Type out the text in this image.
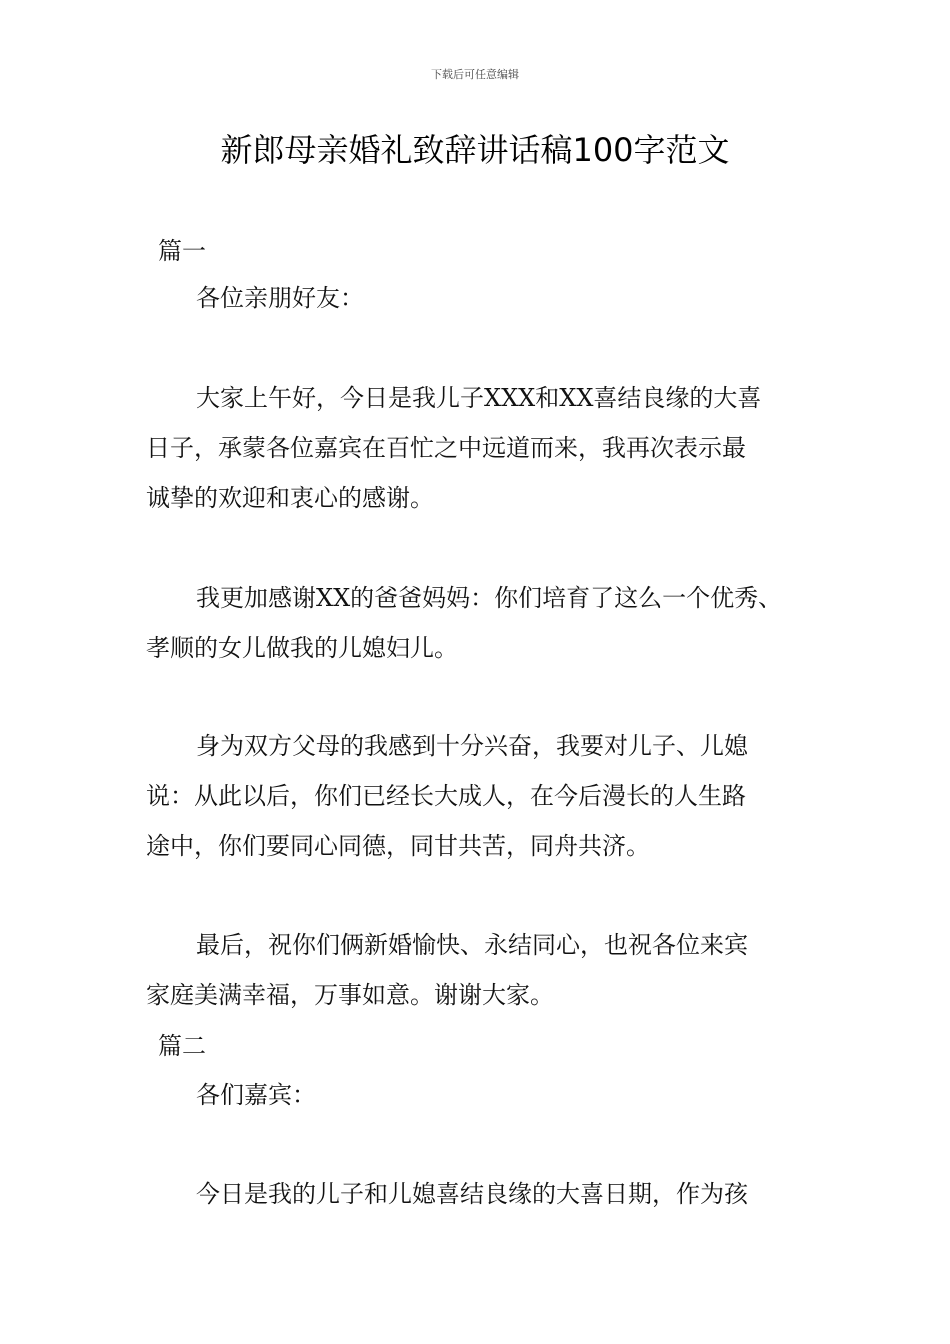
下载后可任意编辑
新郎母亲婚礼致辞讲话稿100字范文
篇一
各位亲朋好友：
大家上午好，今日是我儿子XXX和XX喜结良缘的大喜
日子，承蒙各位嘉宾在百忙之中远道而来，我再次表示最
诚挚的欢迎和衷心的感谢。
我更加感谢XX的爸爸妈妈：你们培育了这么一个优秀、
孝顺的女儿做我的儿媳妇儿。
身为双方父母的我感到十分兴奋，我要对儿子、儿媳
说：从此以后，你们已经长大成人，在今后漫长的人生路
途中，你们要同心同德，同甘共苦，同舟共济。
最后，祝你们俩新婚愉快、永结同心，也祝各位来宾
家庭美满幸福，万事如意。谢谢大家。
篇二
各们嘉宾：
今日是我的儿子和儿媳喜结良缘的大喜日期，作为孩
